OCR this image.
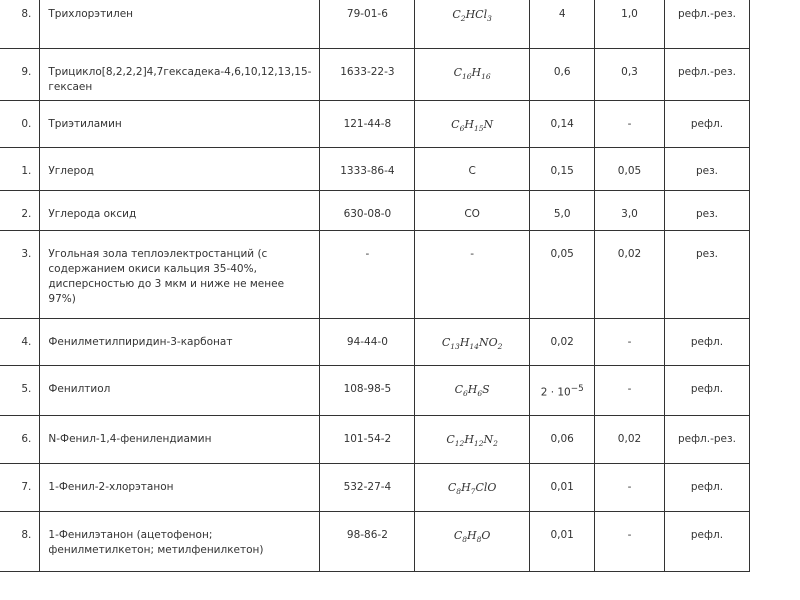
8.	Трихлорэтилен	79-01-6	$C_2HCl_3$	4	1,0	рефл.-рез.	

9.	Трицикло[8,2,2,2]4,7гексадека-4,6,10,12,13,15-гексаен	1633-22-3	$C_{16}H_{16}$	0,6	0,3	рефл.-рез.	

0.	Триэтиламин	121-44-8	$C_6H_{15}N$	0,14	-	рефл.	

1.	Углерод	1333-86-4	C	0,15	0,05	рез.	

2.	Углерода оксид	630-08-0	CO	5,0	3,0	рез.	

3.	Угольная зола теплоэлектростанций (с содержанием окиси кальция 35-40%, дисперсностью до 3 мкм и ниже не менее 97%)	-	-	0,05	0,02	рез.	

4.	Фенилметилпиридин-3-карбонат	94-44-0	$C_{13}H_{14}NO_2$	0,02	-	рефл.	

5.	Фенилтиол	108-98-5	$C_6H_6S$	$2 \cdot 10^{-5}$	-	рефл.	

6.	N-Фенил-1,4-фенилендиамин	101-54-2	$C_{12}H_{12}N_2$	0,06	0,02	рефл.-рез.	

7.	1-Фенил-2-хлорэтанон	532-27-4	$C_8H_7ClO$	0,01	-	рефл.	

8.	1-Фенилэтанон (ацетофенон; фенилметилкетон; метилфенилкетон)	98-86-2	$C_8H_8O$	0,01	-	рефл.	
